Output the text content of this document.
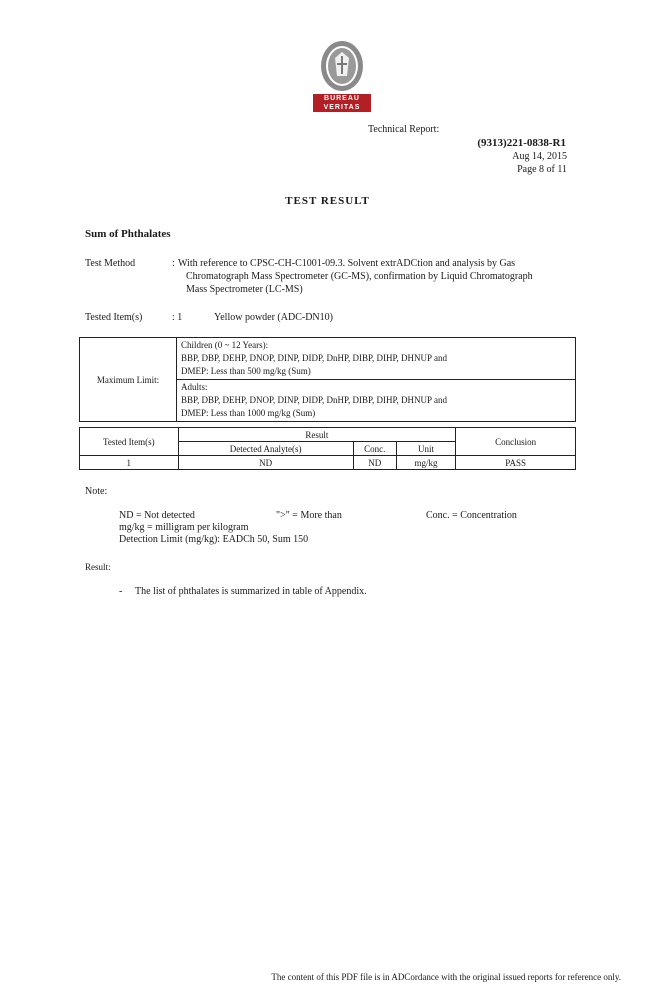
BUREAU
VERITAS
Technical Report:
(9313)221-0838-R1
Aug 14, 2015
Page 8 of 11
TEST RESULT
Sum of Phthalates
Test Method	: With reference to CPSC-CH-C1001-09.3. Solvent extrADCtion and analysis by Gas
Chromatograph Mass Spectrometer (GC-MS), confirmation by Liquid Chromatograph
Mass Spectrometer (LC-MS)
Tested Item(s)	: 1	Yellow powder (ADC-DN10)
Maximum Limit:	
Children (0 ~ 12 Years):
BBP, DBP, DEHP, DNOP, DINP, DIDP, DnHP, DIBP, DIHP, DHNUP and
DMEP: Less than 500 mg/kg (Sum)

Adults:
BBP, DBP, DEHP, DNOP, DINP, DIDP, DnHP, DIBP, DIHP, DHNUP and
DMEP: Less than 1000 mg/kg (Sum)
Tested Item(s)	Result			Conclusion
	Detected Analyte(s)	Conc.	Unit	
1	ND	ND	mg/kg	PASS
Note:
ND = Not detected	">" = More than	Conc. = Concentration
mg/kg = milligram per kilogram
Detection Limit (mg/kg): EADCh 50, Sum 150
Result:
- The list of phthalates is summarized in table of Appendix.
The content of this PDF file is in ADCordance with the original issued reports for reference only.
